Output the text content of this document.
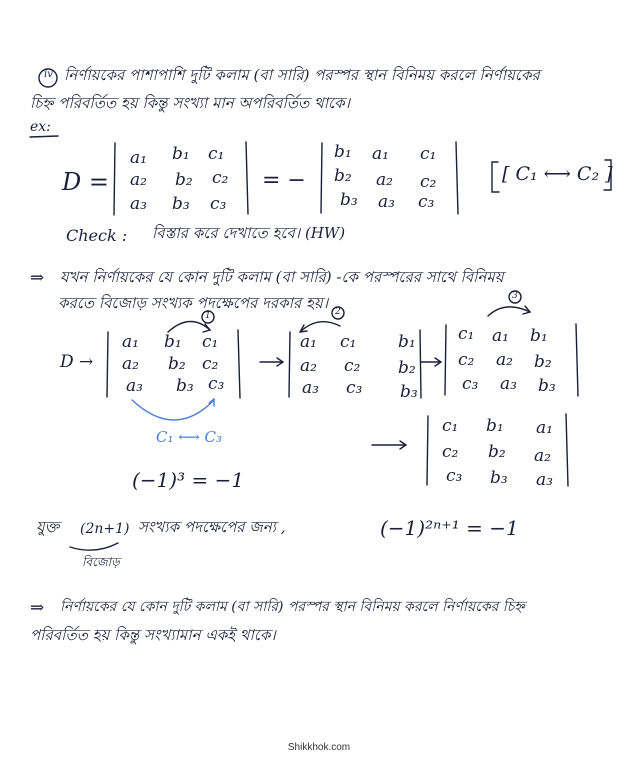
iv নির্ণায়কের পাশাপাশি দুটি কলাম (বা সারি) পরস্পর স্থান বিনিময় করলে নির্ণায়কের
চিহ্ন পরিবর্তিত হয় কিন্তু সংখ্যা মান অপরিবর্তিত থাকে।
ex:
D =
a₁ b₁ c₁
a₂ b₂ c₂
a₃ b₃ c₃
= −
b₁ a₁ c₁
b₂ a₂ c₂
b₃ a₃ c₃
[ C₁ ⟷ C₂ ]
Check : বিস্তার করে দেখাতে হবে। (HW)
⇒ যখন নির্ণায়কের যে কোন দুটি কলাম (বা সারি) -কে পরস্পরের সাথে বিনিময়
করতে বিজোড় সংখ্যক পদক্ষেপের দরকার হয়।
1	2
3
D →
a₁ b₁ c₁
a₂ b₂ c₂
a₃ b₃ c₃
a₁ c₁ b₁
a₂ c₂ b₂
a₃ c₃ b₃
c₁ a₁ b₁
c₂ a₂ b₂
c₃ a₃ b₃
c₁ b₁ a₁
c₂ b₂ a₂
c₃ b₃ a₃
C₁ ⟷ C₃
(−1)³ = −1
যুক্ত (2n+1) সংখ্যক পদক্ষেপের জন্য ,	(−1)²ⁿ⁺¹ = −1
বিজোড়
⇒ নির্ণায়কের যে কোন দুটি কলাম (বা সারি) পরস্পর স্থান বিনিময় করলে নির্ণায়কের চিহ্ন
পরিবর্তিত হয় কিন্তু সংখ্যামান একই থাকে।
Shikkhok.com
